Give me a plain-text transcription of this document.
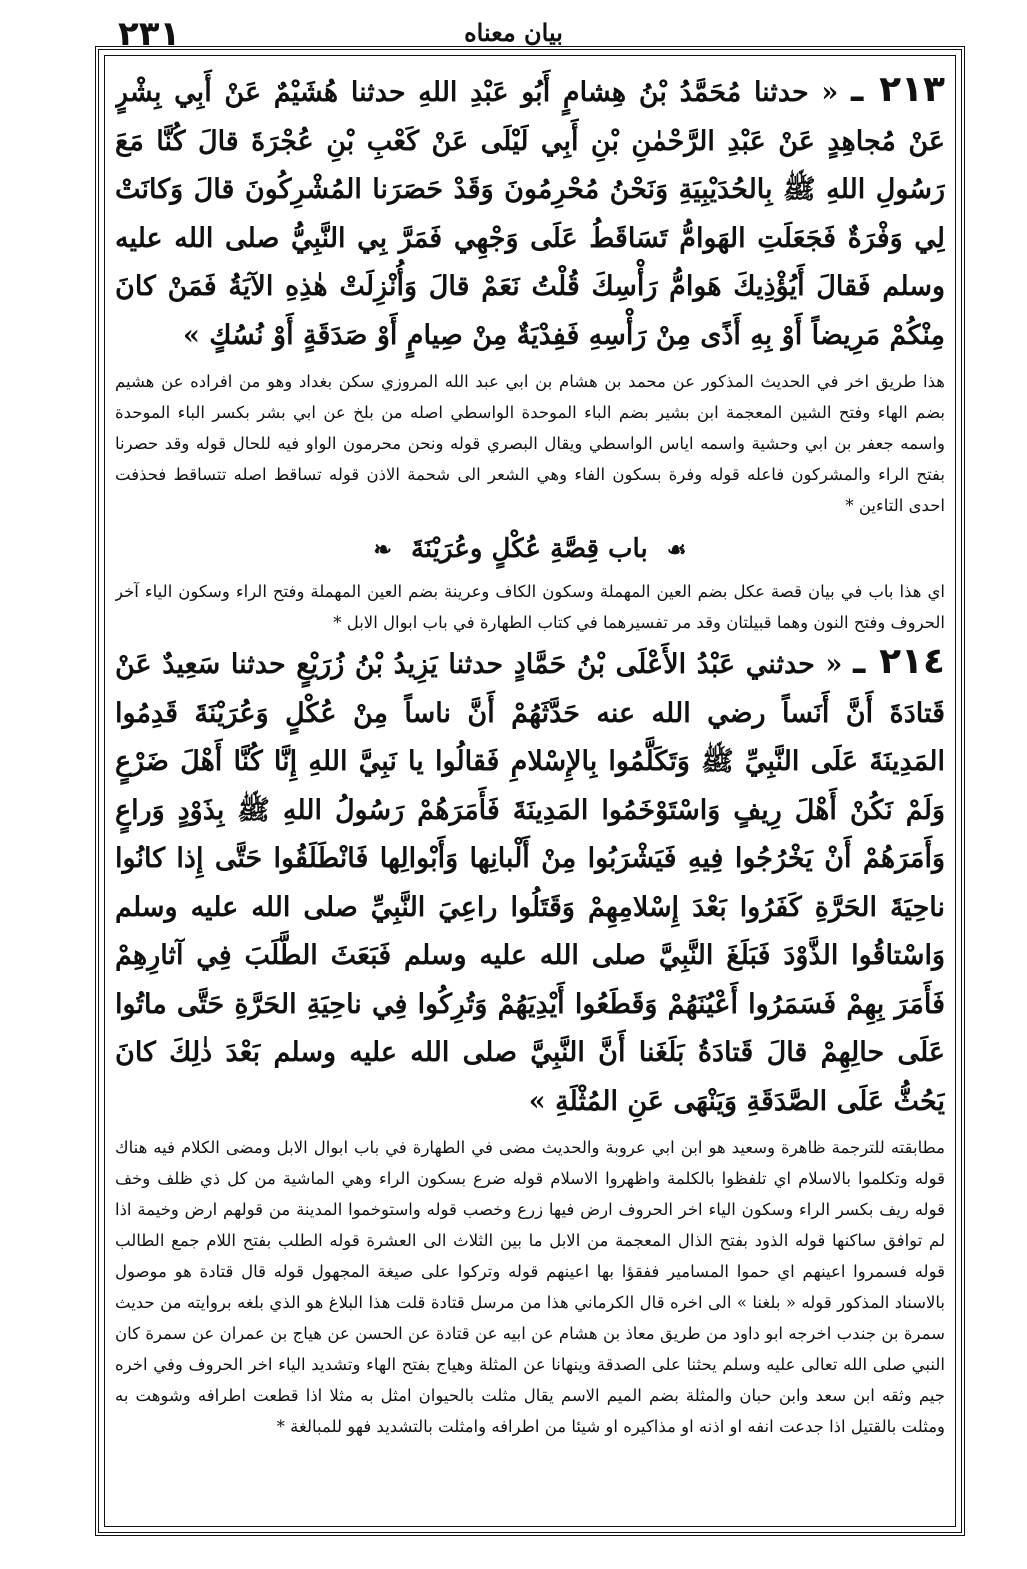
٢٣١	بيان معناه

٢١٣ ـ « حدثنا مُحَمَّدُ بْنُ هِشامٍ أَبُو عَبْدِ اللهِ حدثنا هُشَيْمٌ عَنْ أَبِي بِشْرٍ عَنْ مُجاهِدٍ عَنْ عَبْدِ الرَّحْمٰنِ بْنِ أَبِي لَيْلَى عَنْ كَعْبِ بْنِ عُجْرَةَ قالَ كُنَّا مَعَ رَسُولِ اللهِ ﷺ بِالحُدَيْبِيَةِ وَنَحْنُ مُحْرِمُونَ وَقَدْ حَصَرَنا المُشْرِكُونَ قالَ وَكانَتْ لِي وَفْرَةٌ فَجَعَلَتِ الهَوامُّ تَسَاقَطُ عَلَى وَجْهِي فَمَرَّ بِي النَّبِيُّ صلى الله عليه وسلم فَقالَ أَيُؤْذِيكَ هَوامُّ رَأْسِكَ قُلْتُ نَعَمْ قالَ وَأُنْزِلَتْ هٰذِهِ الآيَةُ فَمَنْ كانَ مِنْكُمْ مَرِيضاً أَوْ بِهِ أَذًى مِنْ رَأْسِهِ فَفِدْيَةٌ مِنْ صِيامٍ أَوْ صَدَقَةٍ أَوْ نُسُكٍ »

هذا طريق اخر في الحديث المذكور عن محمد بن هشام بن ابي عبد الله المروزي سكن بغداد وهو من افراده عن هشيم بضم الهاء وفتح الشين المعجمة ابن بشير بضم الباء الموحدة الواسطي اصله من بلخ عن ابي بشر بكسر الباء الموحدة واسمه جعفر بن ابي وحشية واسمه اياس الواسطي ويقال البصري قوله ونحن محرمون الواو فيه للحال قوله وقد حصرنا بفتح الراء والمشركون فاعله قوله وفرة بسكون الفاء وهي الشعر الى شحمة الاذن قوله تساقط اصله تتساقط فحذفت احدى التاءين *

☙ باب قِصَّةِ عُكْلٍ وعُرَيْنَةَ ❧

اي هذا باب في بيان قصة عكل بضم العين المهملة وسكون الكاف وعرينة بضم العين المهملة وفتح الراء وسكون الياء آخر الحروف وفتح النون وهما قبيلتان وقد مر تفسيرهما في كتاب الطهارة في باب ابوال الابل *

٢١٤ ـ « حدثني عَبْدُ الأَعْلَى بْنُ حَمَّادٍ حدثنا يَزِيدُ بْنُ زُرَيْعٍ حدثنا سَعِيدٌ عَنْ قَتادَةَ أَنَّ أَنَساً رضي الله عنه حَدَّثَهُمْ أَنَّ ناساً مِنْ عُكْلٍ وَعُرَيْنَةَ قَدِمُوا المَدِينَةَ عَلَى النَّبِيِّ ﷺ وَتَكَلَّمُوا بِالإِسْلامِ فَقالُوا يا نَبِيَّ اللهِ إِنَّا كُنَّا أَهْلَ ضَرْعٍ وَلَمْ نَكُنْ أَهْلَ رِيفٍ وَاسْتَوْخَمُوا المَدِينَةَ فَأَمَرَهُمْ رَسُولُ اللهِ ﷺ بِذَوْدٍ وَراعٍ وَأَمَرَهُمْ أَنْ يَخْرُجُوا فِيهِ فَيَشْرَبُوا مِنْ أَلْبانِها وَأَبْوالِها فَانْطَلَقُوا حَتَّى إِذا كانُوا ناحِيَةَ الحَرَّةِ كَفَرُوا بَعْدَ إِسْلامِهِمْ وَقَتَلُوا راعِيَ النَّبِيِّ صلى الله عليه وسلم وَاسْتاقُوا الذَّوْدَ فَبَلَغَ النَّبِيَّ صلى الله عليه وسلم فَبَعَثَ الطَّلَبَ فِي آثارِهِمْ فَأَمَرَ بِهِمْ فَسَمَرُوا أَعْيُنَهُمْ وَقَطَعُوا أَيْدِيَهُمْ وَتُرِكُوا فِي ناحِيَةِ الحَرَّةِ حَتَّى ماتُوا عَلَى حالِهِمْ قالَ قَتادَةُ بَلَغَنا أَنَّ النَّبِيَّ صلى الله عليه وسلم بَعْدَ ذٰلِكَ كانَ يَحُثُّ عَلَى الصَّدَقَةِ وَيَنْهَى عَنِ المُثْلَةِ »

مطابقته للترجمة ظاهرة وسعيد هو ابن ابي عروبة والحديث مضى في الطهارة في باب ابوال الابل ومضى الكلام فيه هناك قوله وتكلموا بالاسلام اي تلفظوا بالكلمة واظهروا الاسلام قوله ضرع بسكون الراء وهي الماشية من كل ذي ظلف وخف قوله ريف بكسر الراء وسكون الياء اخر الحروف ارض فيها زرع وخصب قوله واستوخموا المدينة من قولهم ارض وخيمة اذا لم توافق ساكنها قوله الذود بفتح الذال المعجمة من الابل ما بين الثلاث الى العشرة قوله الطلب بفتح اللام جمع الطالب قوله فسمروا اعينهم اي حموا المسامير ففقؤا بها اعينهم قوله وتركوا على صيغة المجهول قوله قال قتادة هو موصول بالاسناد المذكور قوله « بلغنا » الى اخره قال الكرماني هذا من مرسل قتادة قلت هذا البلاغ هو الذي بلغه بروايته من حديث سمرة بن جندب اخرجه ابو داود من طريق معاذ بن هشام عن ابيه عن قتادة عن الحسن عن هياج بن عمران عن سمرة كان النبي صلى الله تعالى عليه وسلم يحثنا على الصدقة وينهانا عن المثلة وهياج بفتح الهاء وتشديد الياء اخر الحروف وفي اخره جيم وثقه ابن سعد وابن حبان والمثلة بضم الميم الاسم يقال مثلت بالحيوان امثل به مثلا اذا قطعت اطرافه وشوهت به ومثلت بالقتيل اذا جدعت انفه او اذنه او مذاكيره او شيئا من اطرافه وامثلت بالتشديد فهو للمبالغة *
